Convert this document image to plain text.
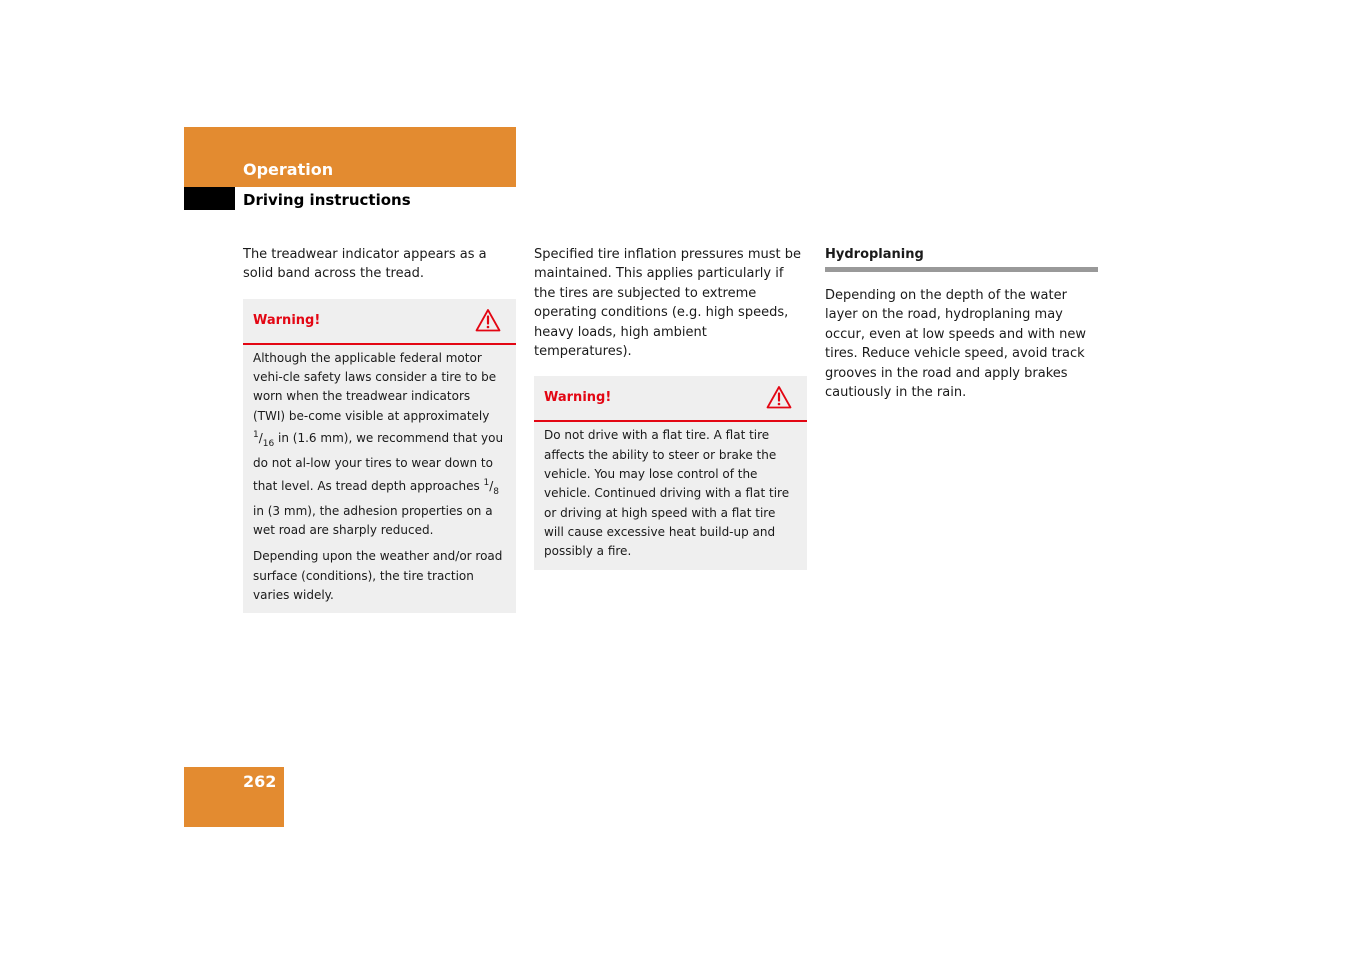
Operation
Driving instructions

The treadwear indicator appears as a solid band across the tread.

Warning!

Although the applicable federal motor vehi-cle safety laws consider a tire to be worn when the treadwear indicators (TWI) be-come visible at approximately $^1/_{16}$ in (1.6 mm), we recommend that you do not al-low your tires to wear down to that level. As tread depth approaches $^1/_8$ in (3 mm), the adhesion properties on a wet road are sharply reduced.

Depending upon the weather and/or road surface (conditions), the tire traction varies widely.

Specified tire inflation pressures must be maintained. This applies particularly if the tires are subjected to extreme operating conditions (e.g. high speeds, heavy loads, high ambient temperatures).

Warning!

Do not drive with a flat tire. A flat tire affects the ability to steer or brake the vehicle. You may lose control of the vehicle. Continued driving with a flat tire or driving at high speed with a flat tire will cause excessive heat build-up and possibly a fire.

Hydroplaning

Depending on the depth of the water layer on the road, hydroplaning may occur, even at low speeds and with new tires. Reduce vehicle speed, avoid track grooves in the road and apply brakes cautiously in the rain.

262
